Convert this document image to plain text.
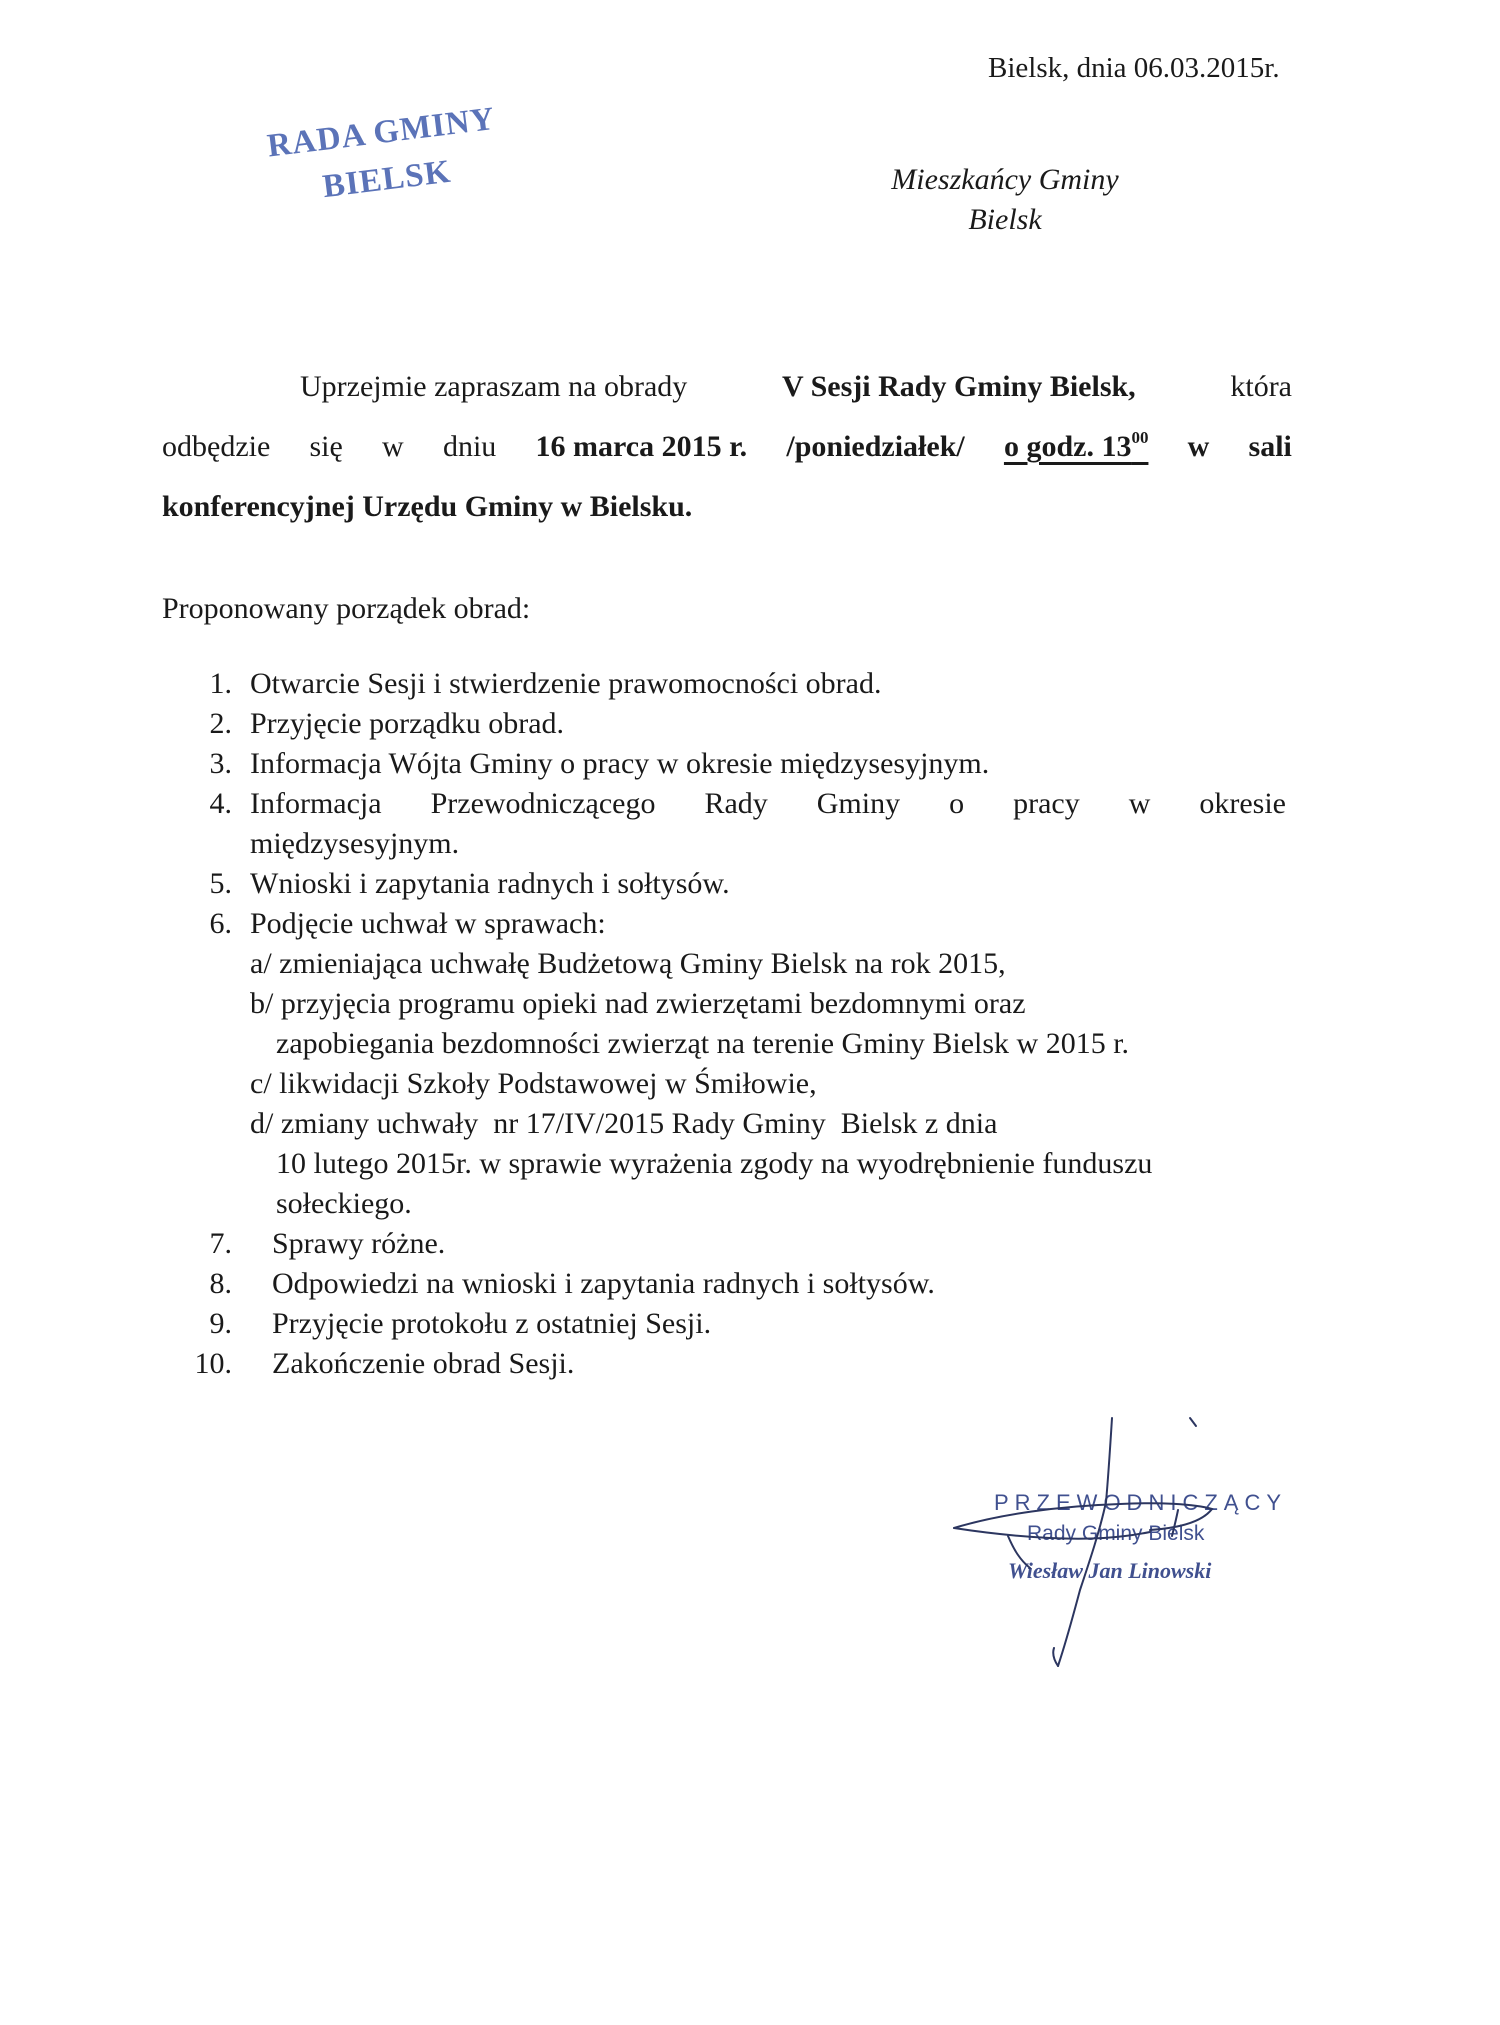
Bielsk, dnia 06.03.2015r.
RADA GMINY
BIELSK	Mieszkańcy Gminy
Bielsk
Uprzejmie zapraszam na obrady	V Sesji Rady Gminy Bielsk,	która
odbędzie się w dniu 16 marca 2015 r. /poniedziałek/ o godz. $13^{00}$ w sali
konferencyjnej Urzędu Gminy w Bielsku.
Proponowany porządek obrad:
1. Otwarcie Sesji i stwierdzenie prawomocności obrad.
2. Przyjęcie porządku obrad.
3. Informacja Wójta Gminy o pracy w okresie międzysesyjnym.
4. Informacja Przewodniczącego Rady Gminy o pracy w okresie
międzysesyjnym.
5. Wnioski i zapytania radnych i sołtysów.
6. Podjęcie uchwał w sprawach:
a/ zmieniająca uchwałę Budżetową Gminy Bielsk na rok 2015,
b/ przyjęcia programu opieki nad zwierzętami bezdomnymi oraz
zapobiegania bezdomności zwierząt na terenie Gminy Bielsk w 2015 r.
c/ likwidacji Szkoły Podstawowej w Śmiłowie,
d/ zmiany uchwały  nr 17/IV/2015 Rady Gminy  Bielsk z dnia
10 lutego 2015r. w sprawie wyrażenia zgody na wyodrębnienie funduszu
sołeckiego.
7. Sprawy różne.
8. Odpowiedzi na wnioski i zapytania radnych i sołtysów.
9. Przyjęcie protokołu z ostatniej Sesji.
10. Zakończenie obrad Sesji.
PRZEWODNICZĄCY
Rady Gminy Bielsk
Wiesław Jan Linowski
